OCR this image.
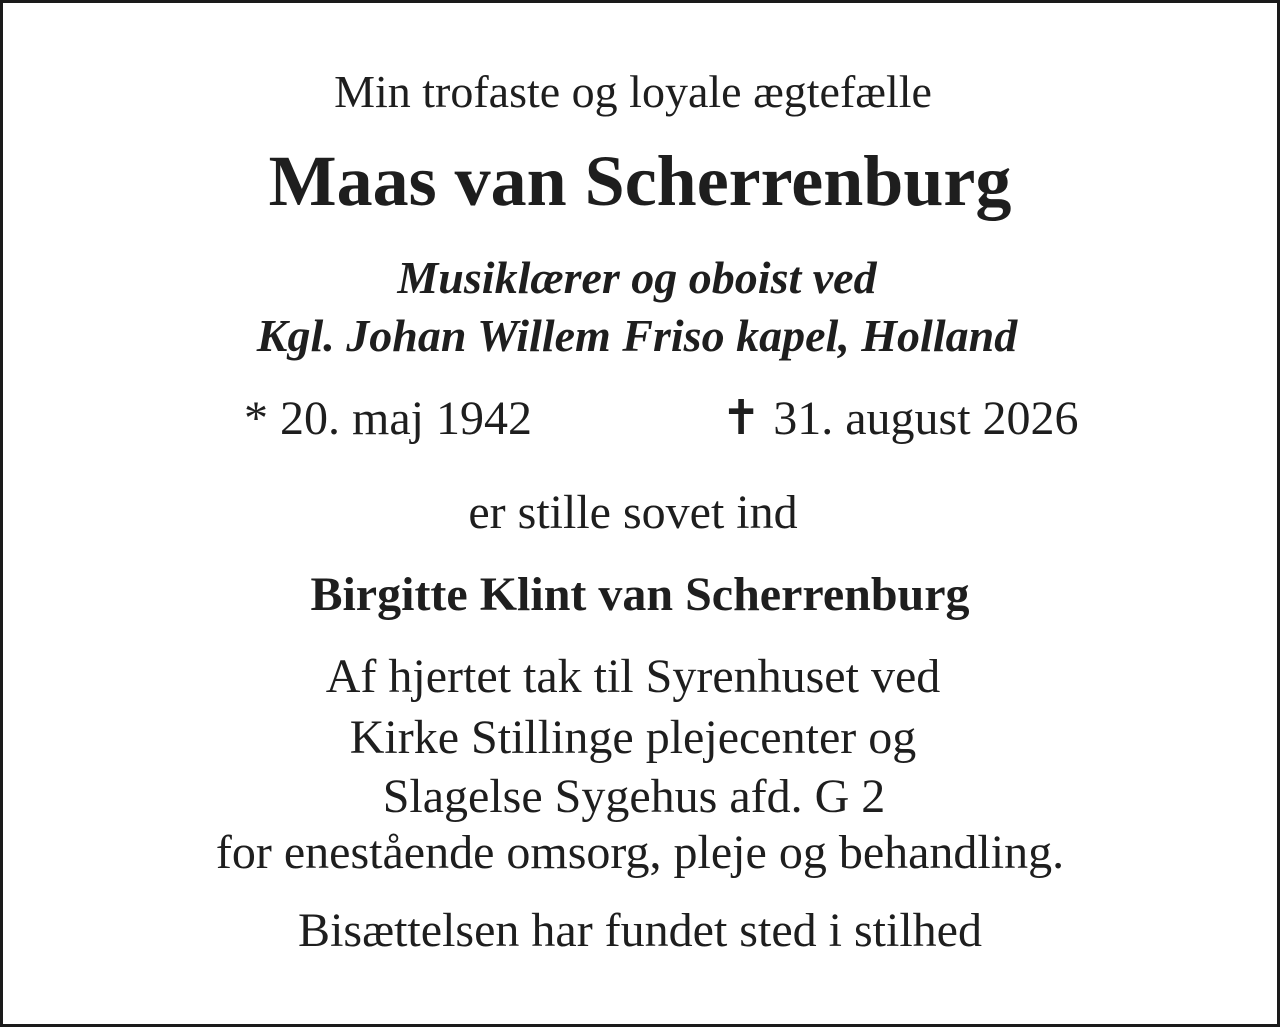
Min trofaste og loyale ægtefælle
Maas van Scherrenburg
Musiklærer og oboist ved
Kgl. Johan Willem Friso kapel, Holland
* 20. maj 1942	✝ 31. august 2026
er stille sovet ind
Birgitte Klint van Scherrenburg
Af hjertet tak til Syrenhuset ved
Kirke Stillinge plejecenter og
Slagelse Sygehus afd. G 2
for enestående omsorg, pleje og behandling.
Bisættelsen har fundet sted i stilhed
